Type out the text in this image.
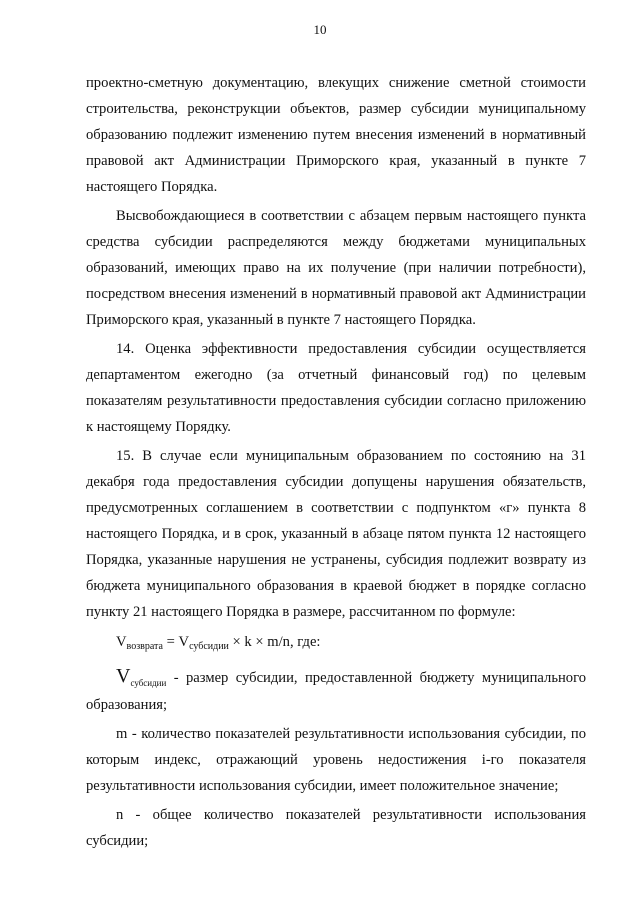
10

проектно-сметную документацию, влекущих снижение сметной стоимости строительства, реконструкции объектов, размер субсидии муниципальному образованию подлежит изменению путем внесения изменений в нормативный правовой акт Администрации Приморского края, указанный в пункте 7 настоящего Порядка.

Высвобождающиеся в соответствии с абзацем первым настоящего пункта средства субсидии распределяются между бюджетами муниципальных образований, имеющих право на их получение (при наличии потребности), посредством внесения изменений в нормативный правовой акт Администрации Приморского края, указанный в пункте 7 настоящего Порядка.

14. Оценка эффективности предоставления субсидии осуществляется департаментом ежегодно (за отчетный финансовый год) по целевым показателям результативности предоставления субсидии согласно приложению к настоящему Порядку.

15. В случае если муниципальным образованием по состоянию на 31 декабря года предоставления субсидии допущены нарушения обязательств, предусмотренных соглашением в соответствии с подпунктом «г» пункта 8 настоящего Порядка, и в срок, указанный в абзаце пятом пункта 12 настоящего Порядка, указанные нарушения не устранены, субсидия подлежит возврату из бюджета муниципального образования в краевой бюджет в порядке согласно пункту 21 настоящего Порядка в размере, рассчитанном по формуле:

$V_{возврата} = V_{субсидии} \times k \times m/n$, где:

$V_{субсидии}$ - размер субсидии, предоставленной бюджету муниципального образования;

m - количество показателей результативности использования субсидии, по которым индекс, отражающий уровень недостижения i-го показателя результативности использования субсидии, имеет положительное значение;

n - общее количество показателей результативности использования субсидии;
